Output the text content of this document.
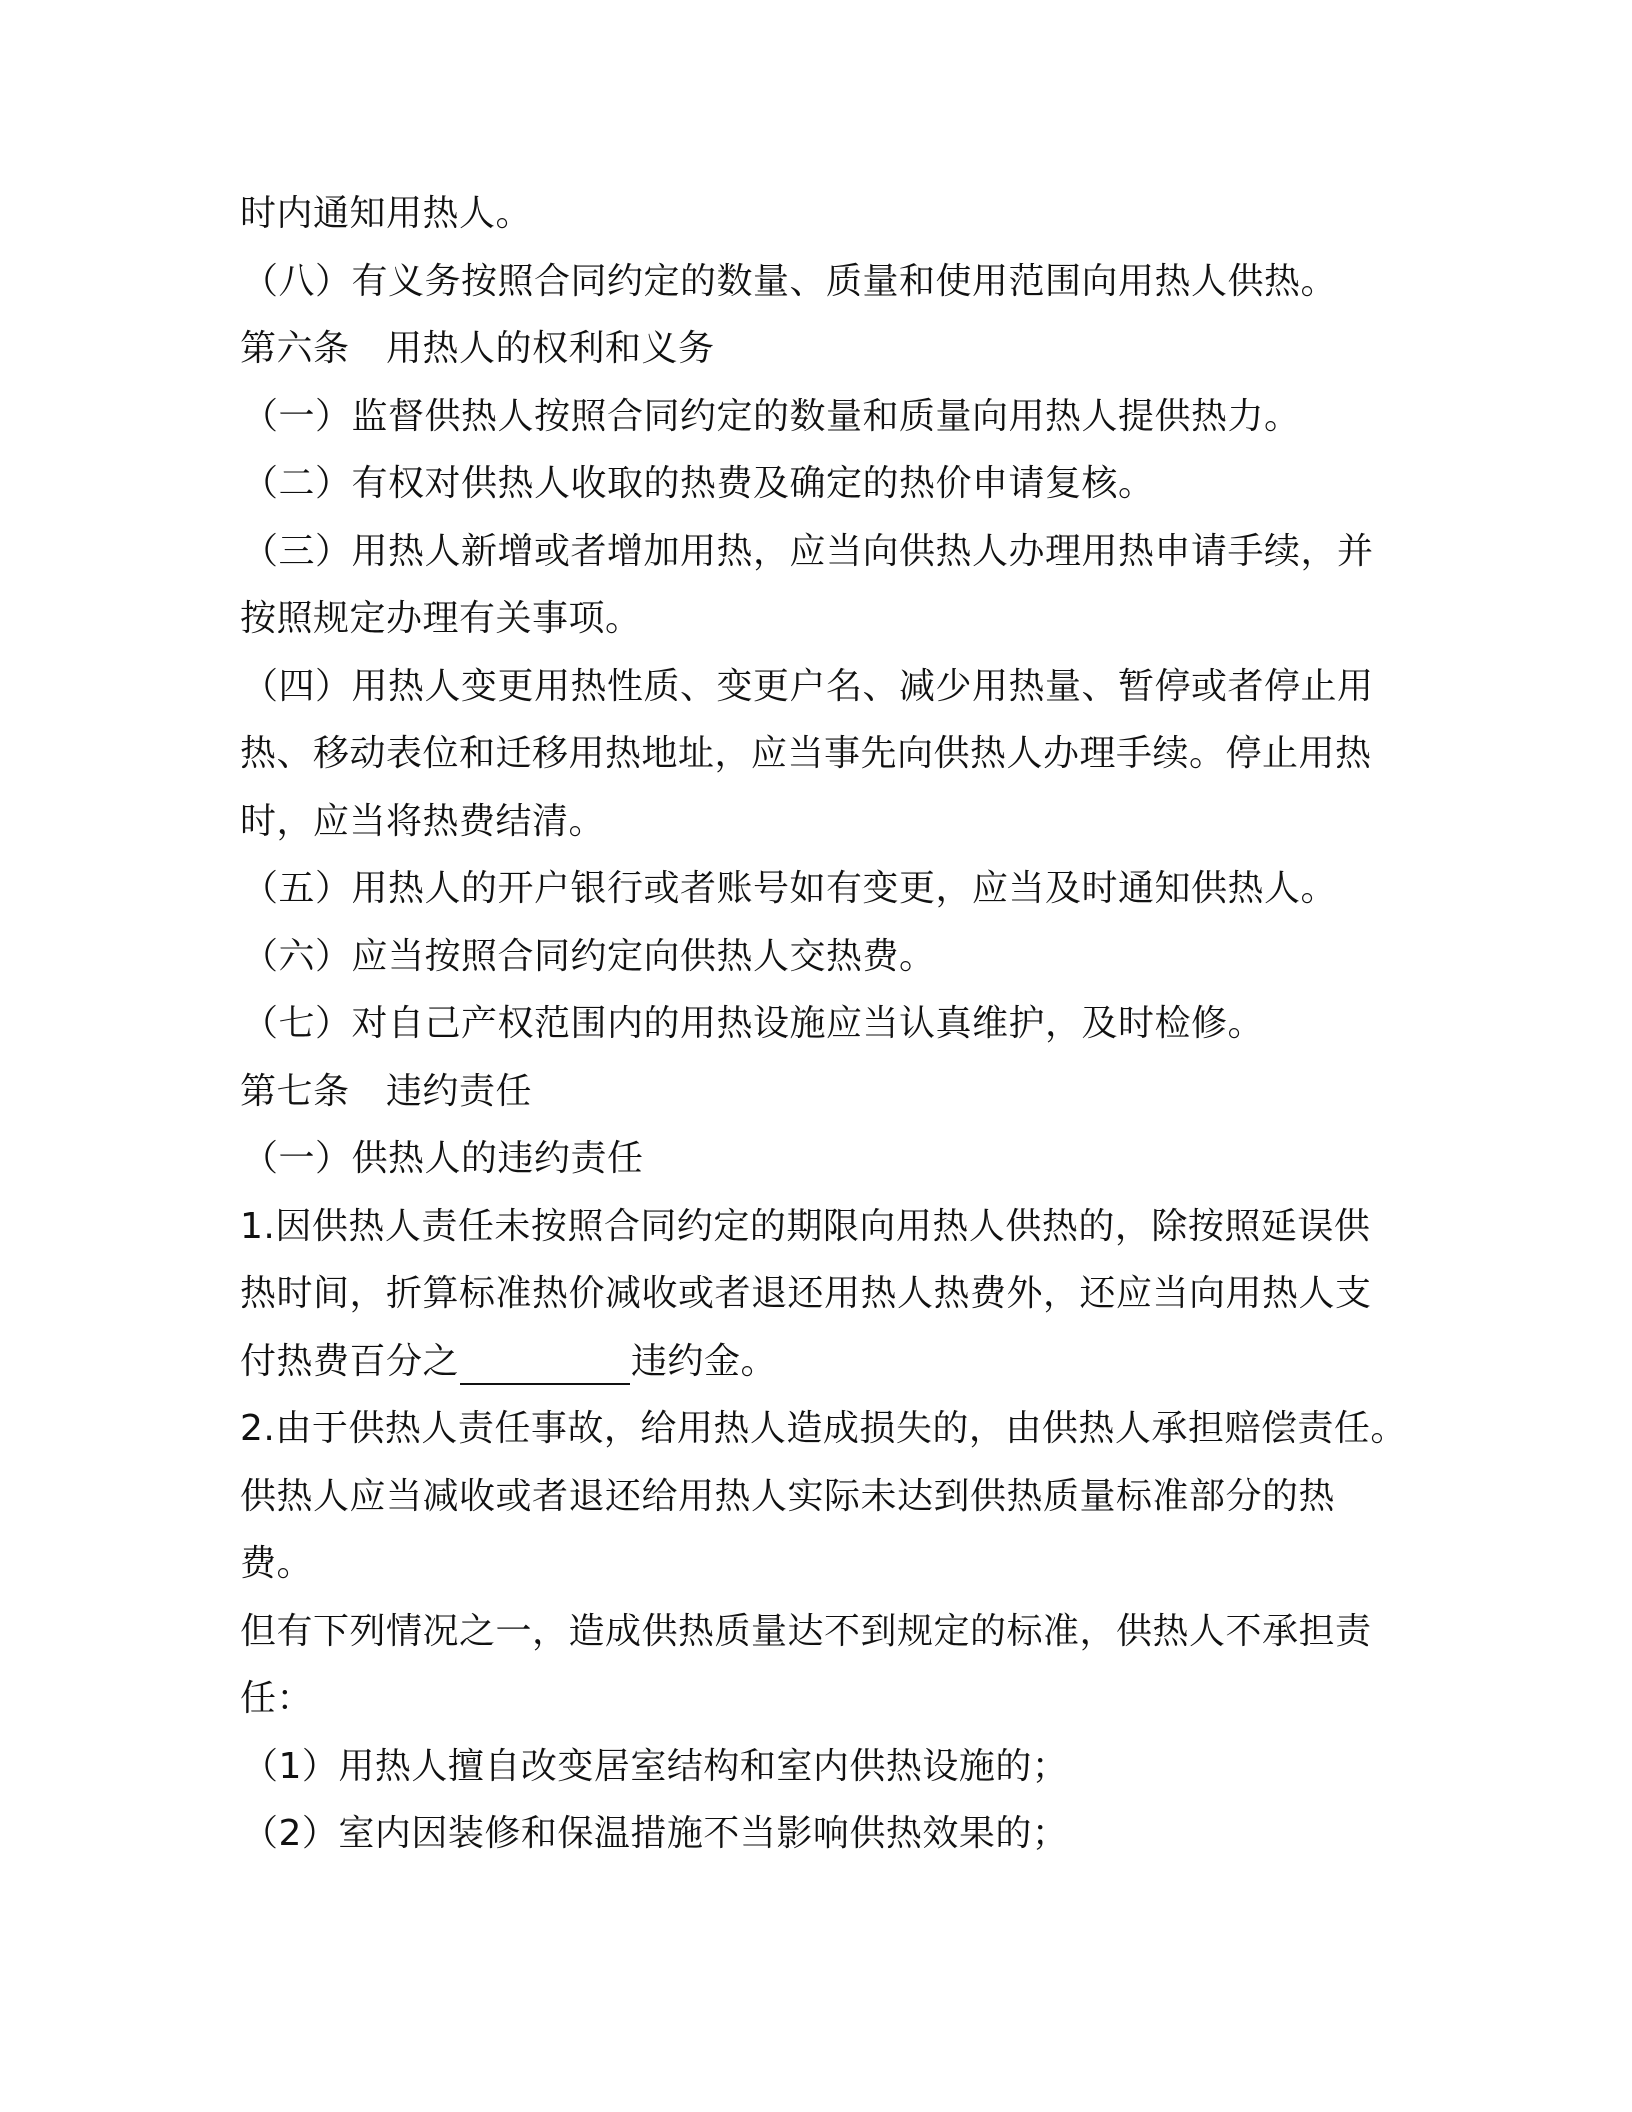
时内通知用热人。
（八）有义务按照合同约定的数量、质量和使用范围向用热人供热。
第六条　用热人的权利和义务
（一）监督供热人按照合同约定的数量和质量向用热人提供热力。
（二）有权对供热人收取的热费及确定的热价申请复核。
（三）用热人新增或者增加用热，应当向供热人办理用热申请手续，并
按照规定办理有关事项。
（四）用热人变更用热性质、变更户名、减少用热量、暂停或者停止用
热、移动表位和迁移用热地址，应当事先向供热人办理手续。停止用热
时，应当将热费结清。
（五）用热人的开户银行或者账号如有变更，应当及时通知供热人。
（六）应当按照合同约定向供热人交热费。
（七）对自己产权范围内的用热设施应当认真维护，及时检修。
第七条　违约责任
（一）供热人的违约责任
1.因供热人责任未按照合同约定的期限向用热人供热的，除按照延误供
热时间，折算标准热价减收或者退还用热人热费外，还应当向用热人支
付热费百分之	违约金。
2.由于供热人责任事故，给用热人造成损失的，由供热人承担赔偿责任。
供热人应当减收或者退还给用热人实际未达到供热质量标准部分的热
费。
但有下列情况之一，造成供热质量达不到规定的标准，供热人不承担责
任：
（1）用热人擅自改变居室结构和室内供热设施的；
（2）室内因装修和保温措施不当影响供热效果的；
